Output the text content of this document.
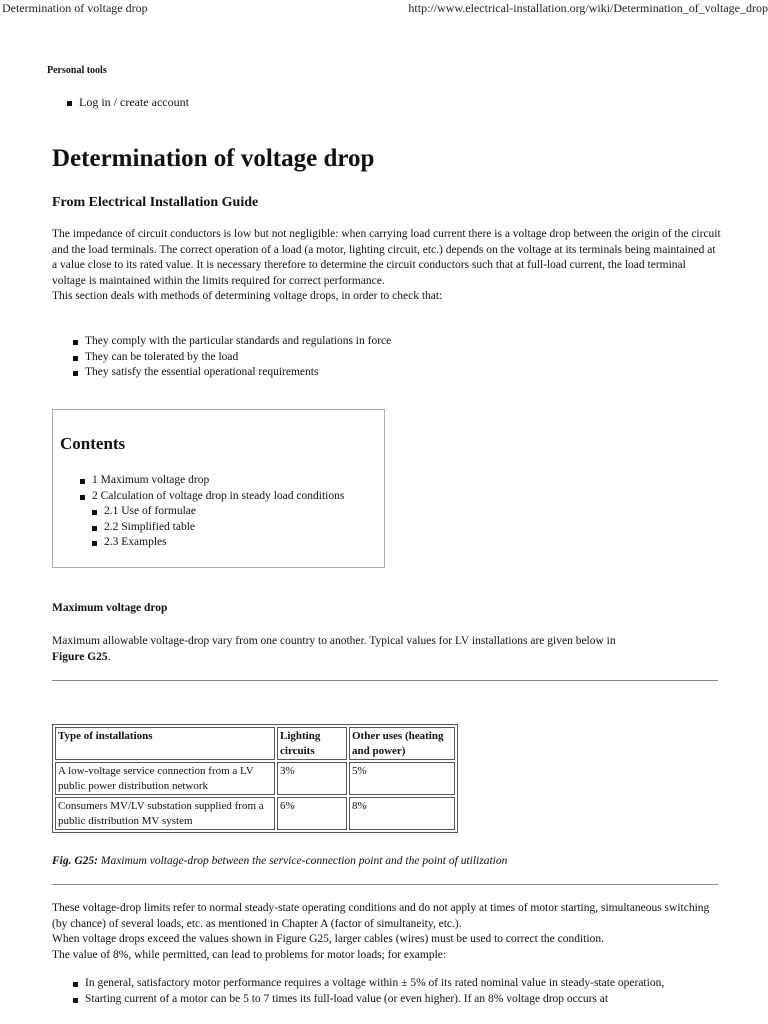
Determination of voltage drop	http://www.electrical-installation.org/wiki/Determination_of_voltage_drop
Personal tools
Log in / create account
Determination of voltage drop
From Electrical Installation Guide
The impedance of circuit conductors is low but not negligible: when carrying load current there is a voltage drop between the origin of the circuit and the load terminals. The correct operation of a load (a motor, lighting circuit, etc.) depends on the voltage at its terminals being maintained at a value close to its rated value. It is necessary therefore to determine the circuit conductors such that at full-load current, the load terminal voltage is maintained within the limits required for correct performance.
This section deals with methods of determining voltage drops, in order to check that:
They comply with the particular standards and regulations in force
They can be tolerated by the load
They satisfy the essential operational requirements
Contents
1 Maximum voltage drop
2 Calculation of voltage drop in steady load conditions
2.1 Use of formulae
2.2 Simplified table
2.3 Examples
Maximum voltage drop

Maximum allowable voltage-drop vary from one country to another. Typical values for LV installations are given below in
Figure G25.

Type of installations	Lighting circuits	Other uses (heating and power)
A low-voltage service connection from a LV public power distribution network	3%	5%
Consumers MV/LV substation supplied from a public distribution MV system	6%	8%

Fig. G25: Maximum voltage-drop between the service-connection point and the point of utilization

These voltage-drop limits refer to normal steady-state operating conditions and do not apply at times of motor starting, simultaneous switching (by chance) of several loads, etc. as mentioned in Chapter A (factor of simultaneity, etc.).
When voltage drops exceed the values shown in Figure G25, larger cables (wires) must be used to correct the condition.
The value of 8%, while permitted, can lead to problems for motor loads; for example:
In general, satisfactory motor performance requires a voltage within ± 5% of its rated nominal value in steady-state operation,
Starting current of a motor can be 5 to 7 times its full-load value (or even higher). If an 8% voltage drop occurs at
